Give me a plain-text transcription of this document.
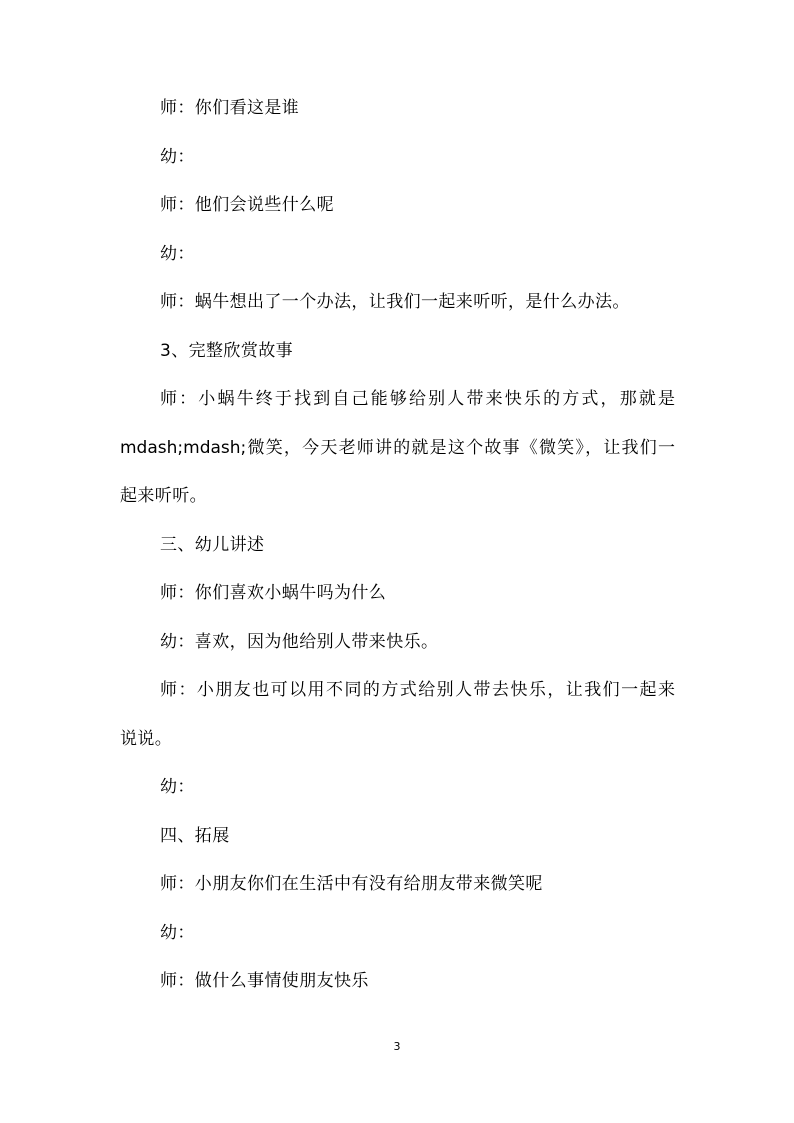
师：你们看这是谁
幼：
师：他们会说些什么呢
幼：
师：蜗牛想出了一个办法，让我们一起来听听，是什么办法。
3、完整欣赏故事
师：小蜗牛终于找到自己能够给别人带来快乐的方式，那就是
mdash;mdash;微笑，今天老师讲的就是这个故事《微笑》，让我们一
起来听听。
三、幼儿讲述
师：你们喜欢小蜗牛吗为什么
幼：喜欢，因为他给别人带来快乐。
师：小朋友也可以用不同的方式给别人带去快乐，让我们一起来
说说。
幼：
四、拓展
师：小朋友你们在生活中有没有给朋友带来微笑呢
幼：
师：做什么事情使朋友快乐
3
